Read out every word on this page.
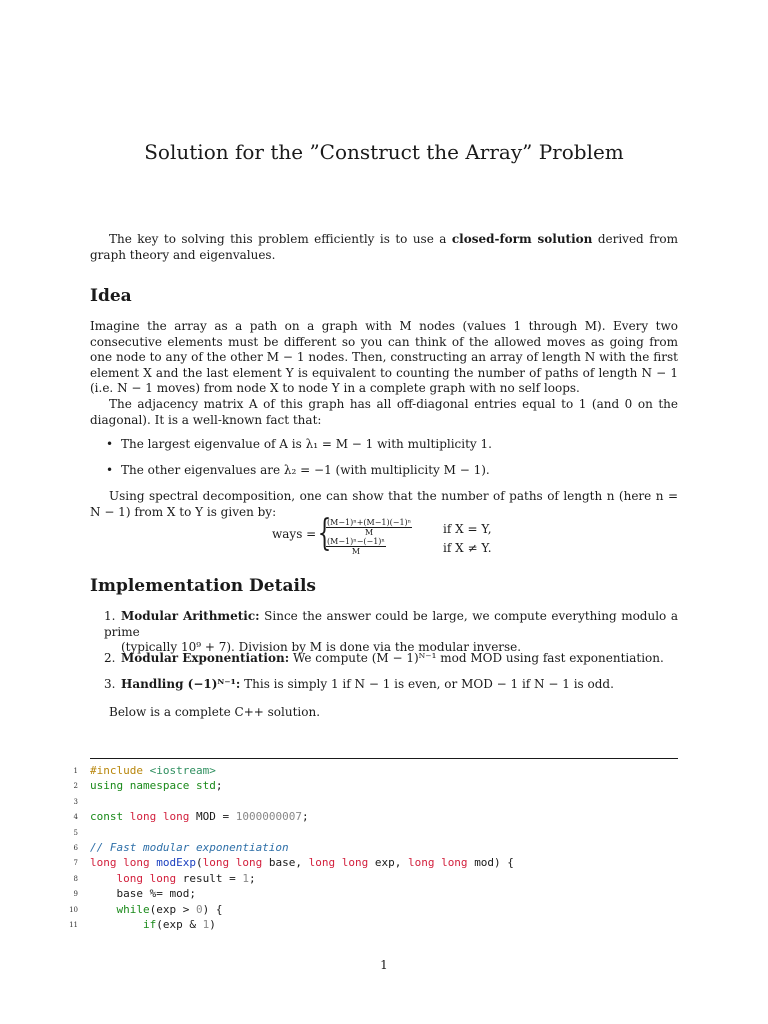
Solution for the ”Construct the Array” Problem
The key to solving this problem efficiently is to use a closed-form solution derived from graph theory and eigenvalues.
Idea
Imagine the array as a path on a graph with M nodes (values 1 through M). Every two consecutive elements must be different so you can think of the allowed moves as going from one node to any of the other M − 1 nodes. Then, constructing an array of length N with the first element X and the last element Y is equivalent to counting the number of paths of length N − 1 (i.e. N − 1 moves) from node X to node Y in a complete graph with no self loops.
The adjacency matrix A of this graph has all off-diagonal entries equal to 1 (and 0 on the diagonal). It is a well-known fact that:
• The largest eigenvalue of A is λ₁ = M − 1 with multiplicity 1.
• The other eigenvalues are λ₂ = −1 (with multiplicity M − 1).
Using spectral decomposition, one can show that the number of paths of length n (here n = N − 1) from X to Y is given by:
ways = {
$\frac{\text{(M−1)ⁿ+(M−1)(−1)ⁿ}}{M}$	if X = Y,
$\frac{\text{(M−1)ⁿ−(−1)ⁿ}}{M}$	if X ≠ Y.
Implementation Details
1. Modular Arithmetic: Since the answer could be large, we compute everything modulo a prime
(typically 10⁹ + 7). Division by M is done via the modular inverse.
2. Modular Exponentiation: We compute (M − 1)ᴺ⁻¹ mod MOD using fast exponentiation.
3. Handling (−1)ᴺ⁻¹: This is simply 1 if N − 1 is even, or MOD − 1 if N − 1 is odd.
Below is a complete C++ solution.
1 #include <iostream>
2 using namespace std;
3
4 const long long MOD = 1000000007;
5
6 // Fast modular exponentiation
7 long long modExp(long long base, long long exp, long long mod) {
8	long long result = 1;
9 base %= mod;
10	while(exp > 0) {
11	if(exp & 1)
1
